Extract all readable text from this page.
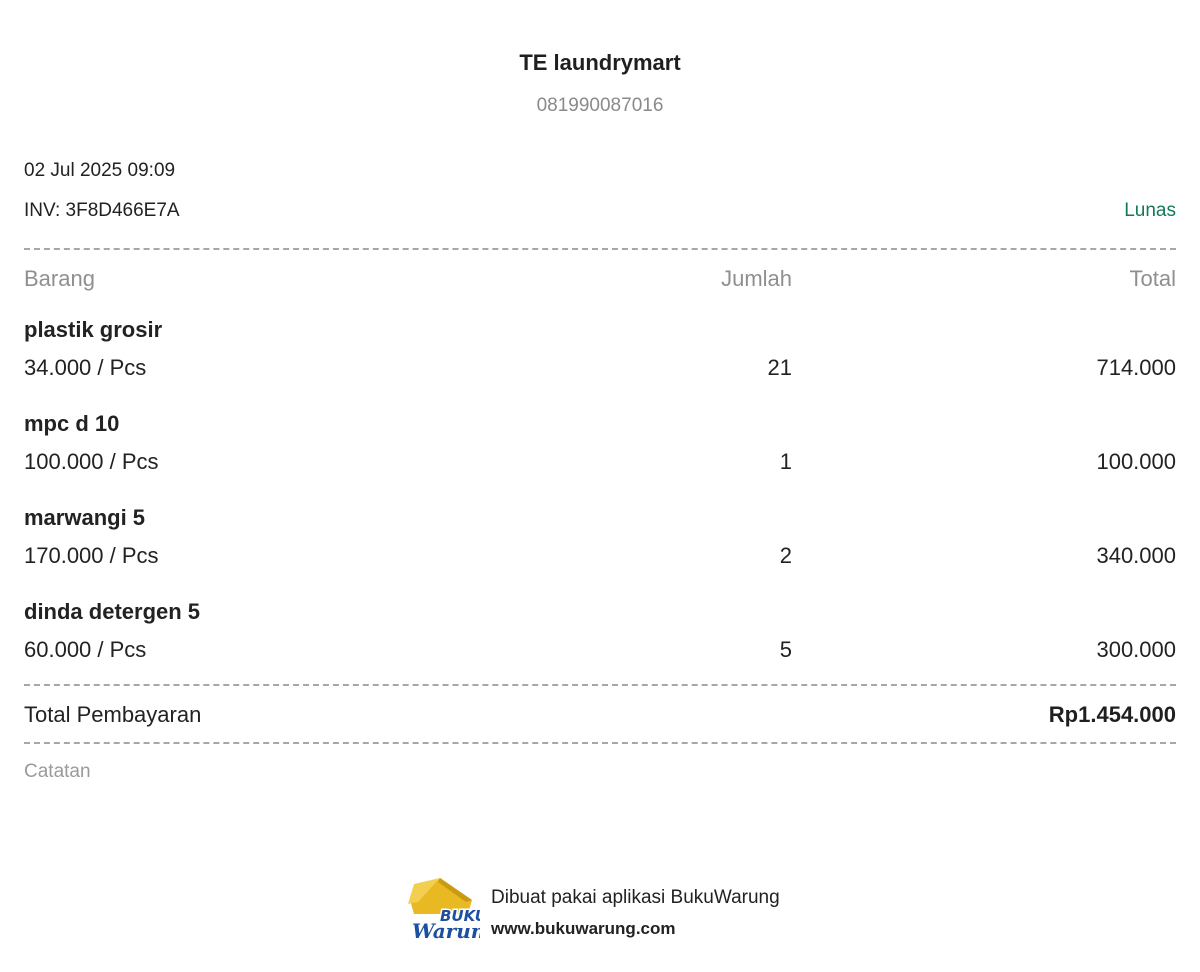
TE laundrymart
081990087016
02 Jul 2025 09:09
INV: 3F8D466E7A	Lunas
Barang	Jumlah	Total
plastik grosir
34.000 / Pcs	21	714.000
mpc d 10
100.000 / Pcs	1	100.000
marwangi 5
170.000 / Pcs	2	340.000
dinda detergen 5
60.000 / Pcs	5	300.000
Total Pembayaran	Rp1.454.000
Catatan
BUK
Waru
Dibuat pakai aplikasi BukuWarung
www.bukuwarung.com
